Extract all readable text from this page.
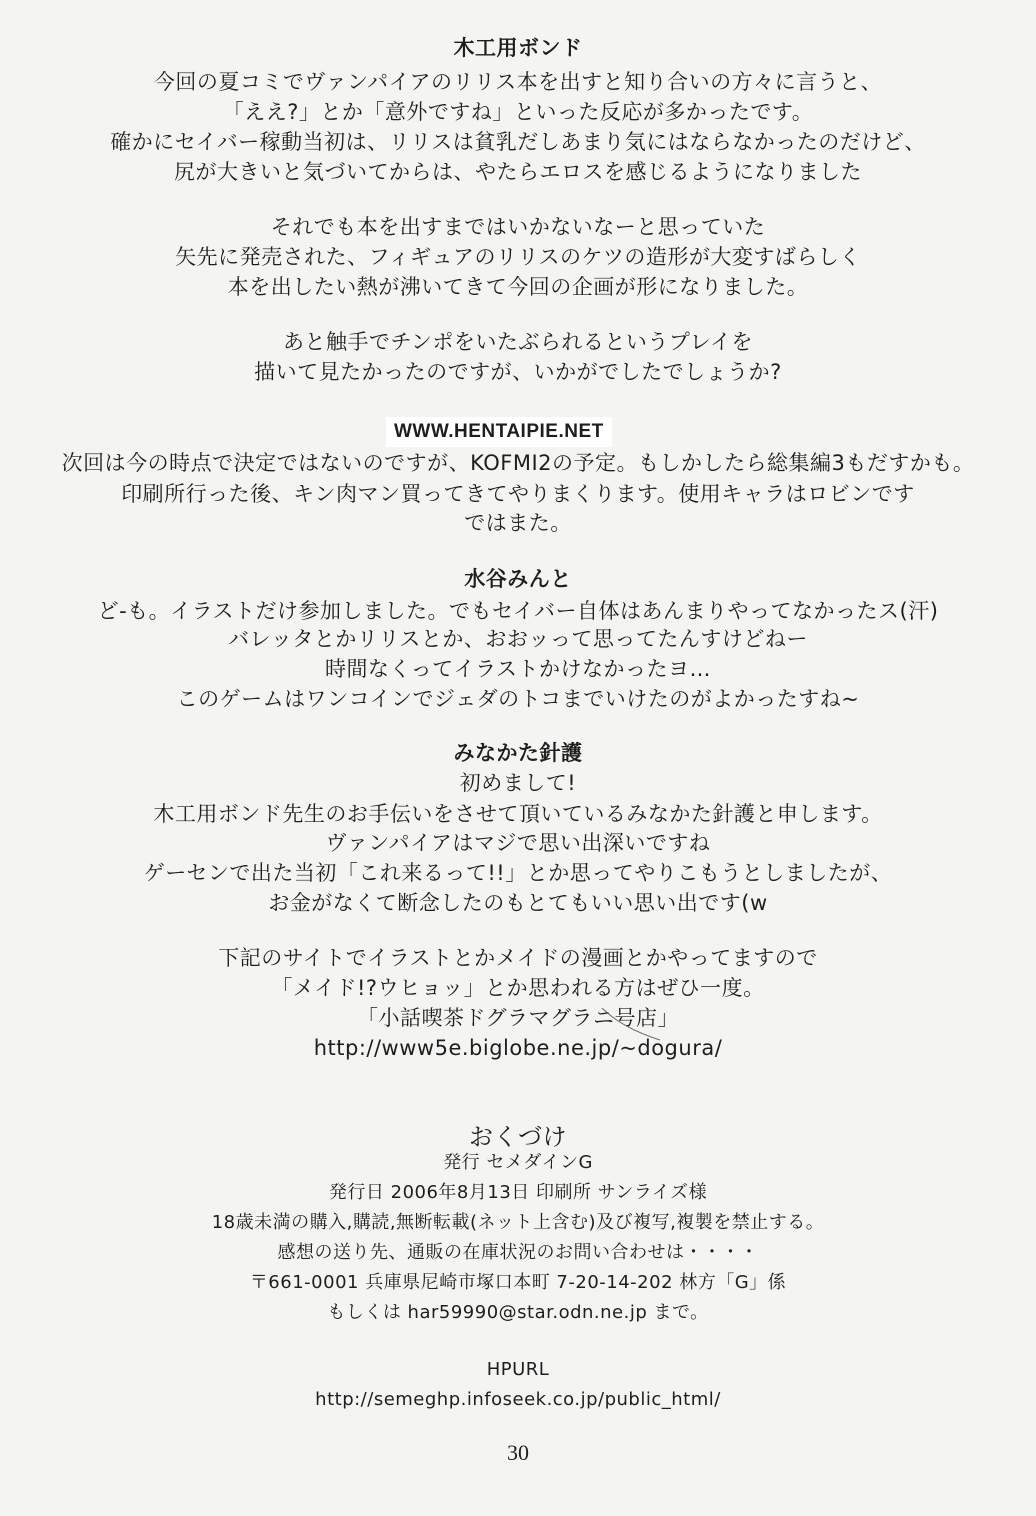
木工用ボンド
今回の夏コミでヴァンパイアのリリス本を出すと知り合いの方々に言うと、
「ええ?」とか「意外ですね」といった反応が多かったです。
確かにセイバー稼動当初は、リリスは貧乳だしあまり気にはならなかったのだけど、
尻が大きいと気づいてからは、やたらエロスを感じるようになりました
それでも本を出すまではいかないなーと思っていた
矢先に発売された、フィギュアのリリスのケツの造形が大変すばらしく
本を出したい熱が沸いてきて今回の企画が形になりました。
あと触手でチンポをいたぶられるというプレイを
描いて見たかったのですが、いかがでしたでしょうか?
WWW.HENTAIPIE.NET
次回は今の時点で決定ではないのですが、KOFMI2の予定。もしかしたら総集編3もだすかも。
印刷所行った後、キン肉マン買ってきてやりまくります。使用キャラはロビンです
ではまた。
水谷みんと
ど-も。イラストだけ参加しました。でもセイバー自体はあんまりやってなかったス(汗)
バレッタとかリリスとか、おおッって思ってたんすけどねー
時間なくってイラストかけなかったヨ…
このゲームはワンコインでジェダのトコまでいけたのがよかったすね~
みなかた針護
初めまして!
木工用ボンド先生のお手伝いをさせて頂いているみなかた針護と申します。
ヴァンパイアはマジで思い出深いですね
ゲーセンで出た当初「これ来るって!!」とか思ってやりこもうとしましたが、
お金がなくて断念したのもとてもいい思い出です(w
下記のサイトでイラストとかメイドの漫画とかやってますので
「メイド!?ウヒョッ」とか思われる方はぜひ一度。
「小話喫茶ドグラマグラニ号店」
http://www5e.biglobe.ne.jp/~dogura/
おくづけ
発行 セメダインG
発行日 2006年8月13日 印刷所 サンライズ様
18歳未満の購入,購読,無断転載(ネット上含む)及び複写,複製を禁止する。
感想の送り先、通販の在庫状況のお問い合わせは・・・・
〒661-0001 兵庫県尼崎市塚口本町 7-20-14-202 林方「G」係
もしくは har59990@star.odn.ne.jp まで。
HPURL
http://semeghp.infoseek.co.jp/public_html/
30
